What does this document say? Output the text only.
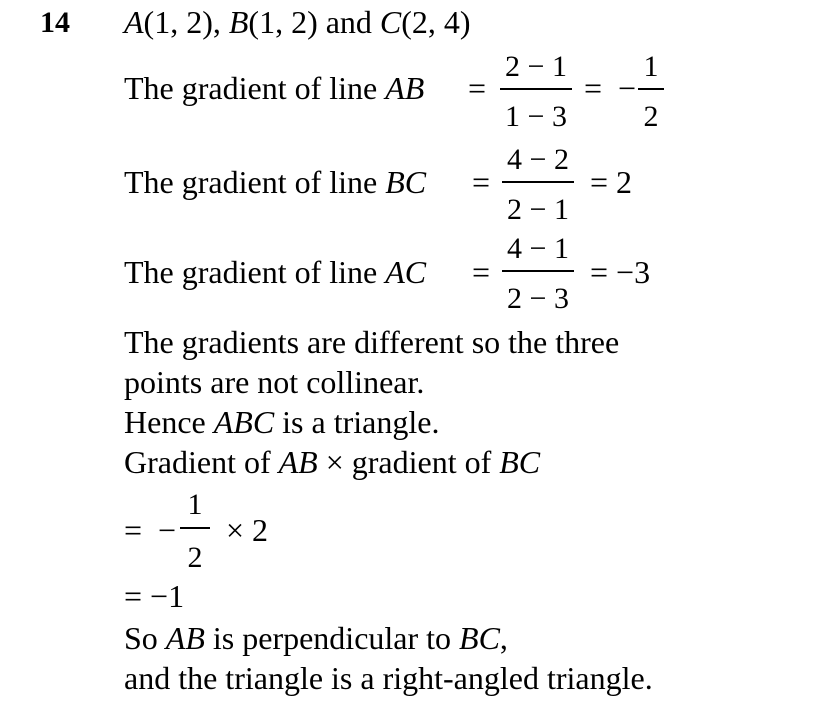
14 A(1, 2), B(1, 2) and C(2, 4)
The gradient of line AB =
2 − 1
1 − 3
= −
1
2
The gradient of line BC =
4 − 2
2 − 1
= 2
The gradient of line AC =
4 − 1
2 − 3
= −3
The gradients are different so the three
points are not collinear.
Hence ABC is a triangle.
Gradient of AB × gradient of BC
= −
1
2
× 2
= −1
So AB is perpendicular to BC,
and the triangle is a right-angled triangle.
